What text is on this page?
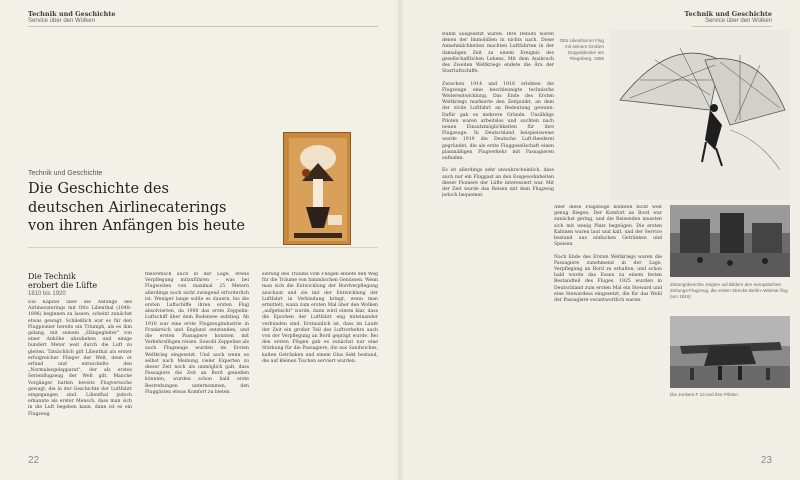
Technik und Geschichte
Service über den Wolken
Technik und Geschichte
Die Geschichte des
deutschen Airlinecaterings
von ihren Anfängen bis heute
Die Technik
erobert die Lüfte
1810 bis 1920
Ein Kapitel über die Anfänge des Airlinecaterings mit Otto Lilienthal (1848–1896) beginnen zu lassen, scheint zunächst etwas gewagt. Schließlich war es für den Flugpionier bereits ein Triumph, als es ihm gelang, mit seinem „Hängegleiter" von einer Anhöhe abzuheben und einige hundert Meter weit durch die Luft zu gleiten. Tatsächlich gilt Lilienthal als erster erfolgreicher Flieger der Welt, denn er erfand und entwickelte den „Normalsegelapparat", der als erstes Serienflugzeug der Welt gilt. Manche Vorgänger hatten bereits Flugversuche gewagt, die in der Geschichte der Luftfahrt eingegangen sind. Lilienthal jedoch erkannte als erster Mensch, dass man sich in die Luft begeben kann, dann ist es ein Flugzeug.
theoretisch auch in der Lage, etwas Verpflegung mitzuführen – was bei Flugweiten von maximal 25 Metern allerdings noch nicht zwingend erforderlich ist. Weniger lange sollte es dauern, bis die ersten Luftschiffe ihren ersten Flug absolvierten, da 1900 das erste Zeppelin-Luftschiff über dem Bodensee aufstieg. Ab 1910 war eine erste Flugzeugindustrie in Frankreich und England entstanden, und die ersten Passagiere konnten mit Verkehrsflügen reisen. Sowohl Zeppeline als auch Flugzeuge wurden im Ersten Weltkrieg eingesetzt. Und auch wenn es selbst nach Meinung vieler Experten zu dieser Zeit noch als unmöglich galt, dass Passagiere die Zeit an Bord genießen könnten, wurden schon bald erste Bestrebungen unternommen, den Fluggästen etwas Komfort zu bieten.
sierung des Traums vom Fliegen ebnete den Weg für die Träume von himmlischen Genüssen. Wenn man sich die Entwicklung der Bordverpflegung anschaut und sie mit der Entwicklung der Luftfahrt in Verbindung bringt, wenn man ermittelt, wann zum ersten Mal über den Wolken „aufgetischt" wurde, dann wird einem klar, dass die Epochen der Luftfahrt eng miteinander verbunden sind. Erstaunlich ist, dass im Laufe der Zeit ein großer Teil des Luftverkehrs auch von der Verpflegung an Bord geprägt wurde. Bei den ersten Flügen gab es zunächst nur eine Stärkung für die Passagiere, die aus Sandwiches, kalten Getränken und einem Glas Sekt bestand, die auf kleinen Tischen serviert wurden.
22
Technik und Geschichte
Service über den Wolken
Ruhm ausgesetzt waren. Ihre Debüts waren denen der Immobilien in nichts nach. Diese Annehmlichkeiten machten Luftfahrten in der damaligen Zeit zu einem Ereignis des gesellschaftlichen Lebens. Mit dem Ausbruch des Zweiten Weltkriegs endete die Ära der Starrluftschiffe.

Zwischen 1914 und 1918 erlebten die Flugzeuge eine beschleunigte technische Weiterentwicklung. Das Ende des Ersten Weltkriegs markierte den Zeitpunkt, an dem der zivile Luftfahrt an Bedeutung gewann. Dafür gab es mehrere Gründe. Unzählige Piloten waren arbeitslos und suchten nach neuen Einsatzmöglichkeiten für ihre Flugzeuge. In Deutschland beispielsweise wurde 1919 die Deutsche Luft-Reederei gegründet, die als erste Fluggesellschaft einen planmäßigen Flugverkehr mit Passagieren aufnahm.

Es ist allerdings sehr unwahrscheinlich, dass auch nur ein Fluggast an den Essgewohnheiten dieser Pioniere der Lüfte interessiert war. Mit der Zeit wurde das Reisen mit dem Flugzeug jedoch bequemer.
Aber diese Flugzeuge konnten nicht weit genug fliegen. Der Komfort an Bord war zunächst gering, und die Reisenden mussten sich mit wenig Platz begnügen. Die ersten Kabinen waren laut und kalt, und der Service bestand aus einfachen Getränken und Speisen.

Nach Ende des Ersten Weltkriegs waren die Passagiere zunehmend in der Lage, Verpflegung an Bord zu erhalten, und schon bald wurde das Essen zu einem festen Bestandteil des Fluges. 1925 wurden in Deutschland zum ersten Mal ein Steward und eine Stewardess eingesetzt, die für das Wohl der Passagiere verantwortlich waren.
Otto Lilienthal im Flug mit seinem Großen Doppeldecker am Fliegeberg, 1895
Zeitungsberichte zeigten auf Bildern den europäischen Zeitungs-Flugzeug, die ersten Strecke Berlin–Weimar flog (um 1919)
Die Junkers F 13 und ihre Piloten
23
